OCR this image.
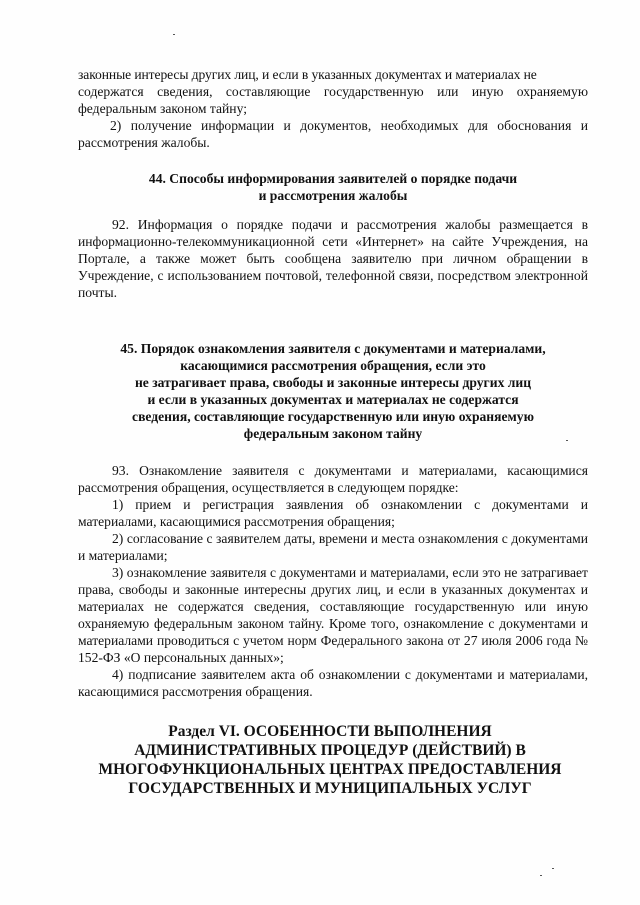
законные интересы других лиц, и если в указанных документах и материалах не
содержатся сведения, составляющие государственную или иную охраняемую
федеральным законом тайну;
2) получение информации и документов, необходимых для обоснования и
рассмотрения жалобы.
44. Способы информирования заявителей о порядке подачи
и рассмотрения жалобы

92. Информация о порядке подачи и рассмотрения жалобы размещается в информационно-телекоммуникационной сети «Интернет» на сайте Учреждения, на Портале, а также может быть сообщена заявителю при личном обращении в Учреждение, с использованием почтовой, телефонной связи, посредством электронной почты.

45. Порядок ознакомления заявителя с документами и материалами,
касающимися рассмотрения обращения, если это
не затрагивает права, свободы и законные интересы других лиц
и если в указанных документах и материалах не содержатся
сведения, составляющие государственную или иную охраняемую
федеральным законом тайну

93. Ознакомление заявителя с документами и материалами, касающимися рассмотрения обращения, осуществляется в следующем порядке:

1) прием и регистрация заявления об ознакомлении с документами и материалами, касающимися рассмотрения обращения;

2) согласование с заявителем даты, времени и места ознакомления с документами и материалами;

3) ознакомление заявителя с документами и материалами, если это не затрагивает права, свободы и законные интересны других лиц, и если в указанных документах и материалах не содержатся сведения, составляющие государственную или иную охраняемую федеральным законом тайну. Кроме того, ознакомление с документами и материалами проводиться с учетом норм Федерального закона от 27 июля 2006 года № 152-ФЗ «О персональных данных»;

4) подписание заявителем акта об ознакомлении с документами и материалами, касающимися рассмотрения обращения.

Раздел VI. ОСОБЕННОСТИ ВЫПОЛНЕНИЯ
АДМИНИСТРАТИВНЫХ ПРОЦЕДУР (ДЕЙСТВИЙ) В
МНОГОФУНКЦИОНАЛЬНЫХ ЦЕНТРАХ ПРЕДОСТАВЛЕНИЯ
ГОСУДАРСТВЕННЫХ И МУНИЦИПАЛЬНЫХ УСЛУГ
